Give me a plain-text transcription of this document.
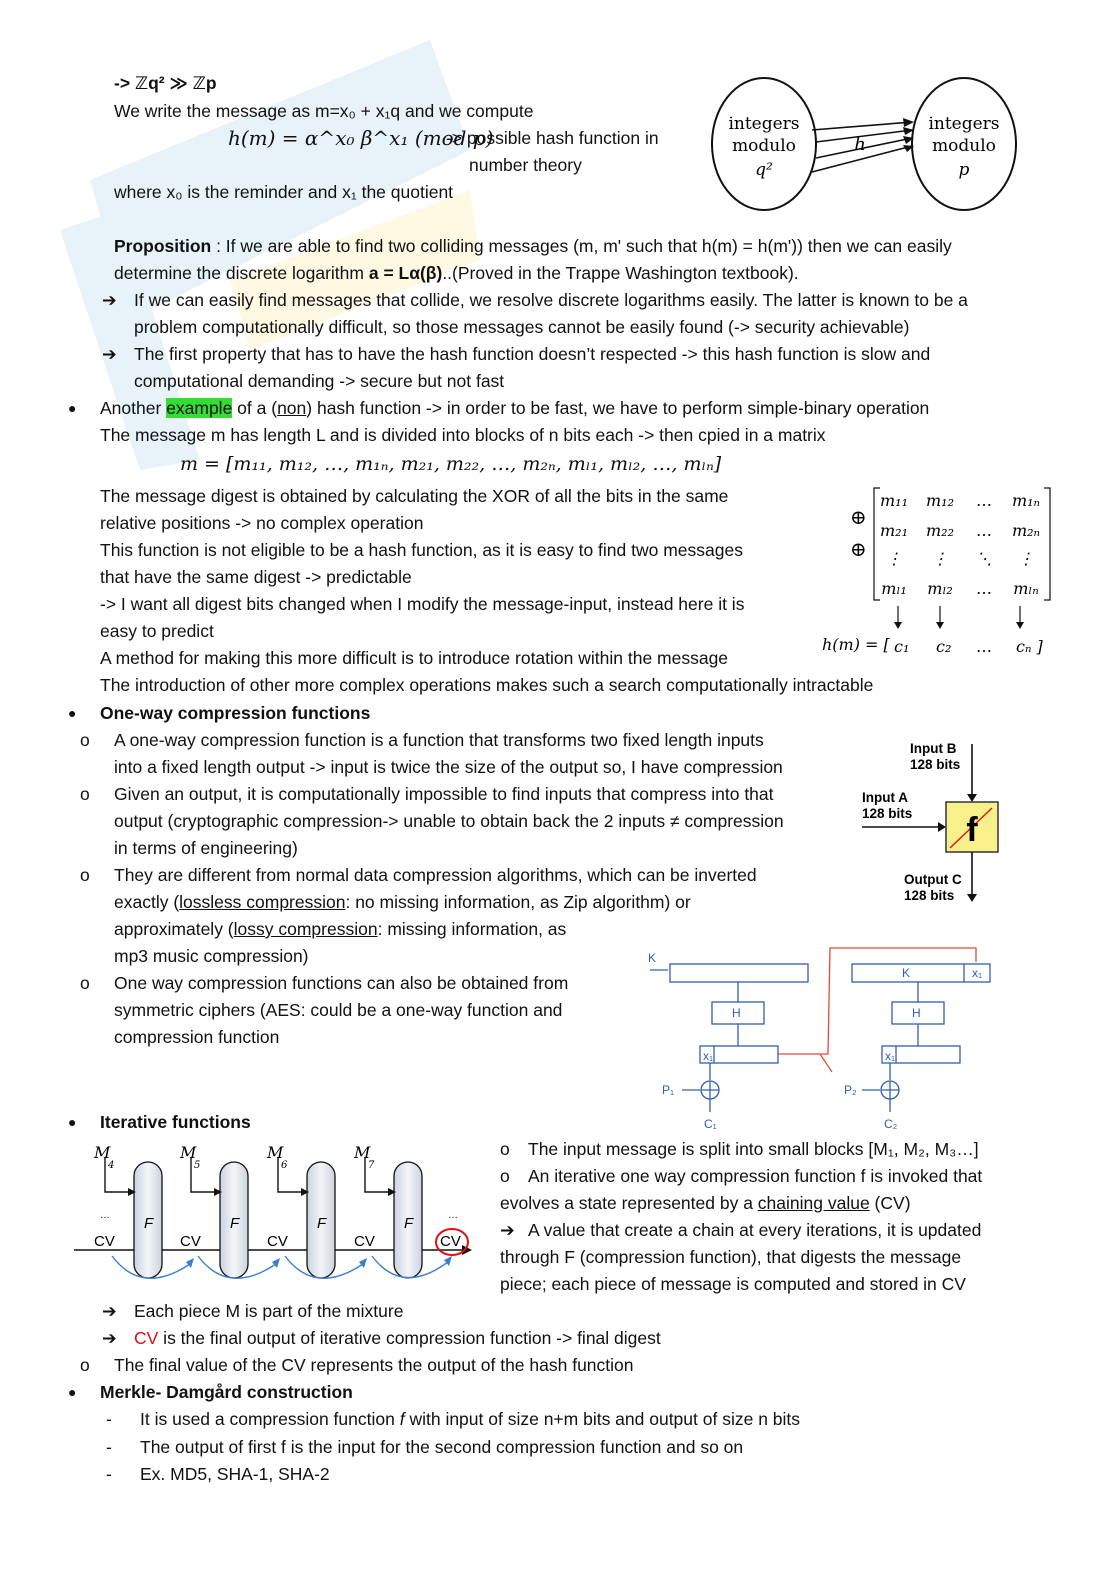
-> ℤq² ≫ ℤp
We write the message as m=x₀ + x₁q and we compute
h(m) = α^x₀ β^x₁ (mod p)
-> possible hash function in
number theory
where x₀ is the reminder and x₁ the quotient
integers
modulo
q²
integers
modulo
p
h
Proposition : If we are able to find two colliding messages (m, m' such that h(m) = h(m')) then we can easily
determine the discrete logarithm a = Lα(β)..(Proved in the Trappe Washington textbook).
➔ If we can easily find messages that collide, we resolve discrete logarithms easily. The latter is known to be a
problem computationally difficult, so those messages cannot be easily found (-> security achievable)
➔ The first property that has to have the hash function doesn’t respected -> this hash function is slow and
computational demanding -> secure but not fast
● Another example of a (non) hash function -> in order to be fast, we have to perform simple-binary operation
The message m has length L and is divided into blocks of n bits each -> then cpied in a matrix
m = [m₁₁, m₁₂, …, m₁ₙ, m₂₁, m₂₂, …, m₂ₙ, mₗ₁, mₗ₂, …, mₗₙ]
The message digest is obtained by calculating the XOR of all the bits in the same
relative positions -> no complex operation
This function is not eligible to be a hash function, as it is easy to find two messages
that have the same digest -> predictable
-> I want all digest bits changed when I modify the message-input, instead here it is
easy to predict
A method for making this more difficult is to introduce rotation within the message
The introduction of other more complex operations makes such a search computationally intractable
⊕
⊕
m₁₁ m₁₂ … m₁ₙ
m₂₁ m₂₂ … m₂ₙ
⋮ ⋮ ⋱ ⋮
mₗ₁ mₗ₂ … mₗₙ
h(m) = [ c₁ c₂ … cₙ ]
● One-way compression functions
o A one-way compression function is a function that transforms two fixed length inputs
into a fixed length output -> input is twice the size of the output so, I have compression
o Given an output, it is computationally impossible to find inputs that compress into that
output (cryptographic compression-> unable to obtain back the 2 inputs ≠ compression
in terms of engineering)
o They are different from normal data compression algorithms, which can be inverted
exactly (lossless compression: no missing information, as Zip algorithm) or
approximately (lossy compression: missing information, as
mp3 music compression)
o One way compression functions can also be obtained from
symmetric ciphers (AES: could be a one-way function and
compression function
Input B
128 bits
f
Input A
128 bits
Output C
128 bits
K
K	x₁
H	H
x₁	x₁
P₁	P₂
C₁	C₂
● Iterative functions
M
4
M
5
M
6
M
7
F	F	F	F
CV	CV	CV	CV	CV
…	…
o The input message is split into small blocks [M₁, M₂, M₃…]
o An iterative one way compression function f is invoked that
evolves a state represented by a chaining value (CV)
➔ A value that create a chain at every iterations, it is updated
through F (compression function), that digests the message
piece; each piece of message is computed and stored in CV
➔ Each piece M is part of the mixture
➔ CV is the final output of iterative compression function -> final digest
o The final value of the CV represents the output of the hash function
● Merkle- Damgård construction
- It is used a compression function f with input of size n+m bits and output of size n bits
- The output of first f is the input for the second compression function and so on
- Ex. MD5, SHA-1, SHA-2
